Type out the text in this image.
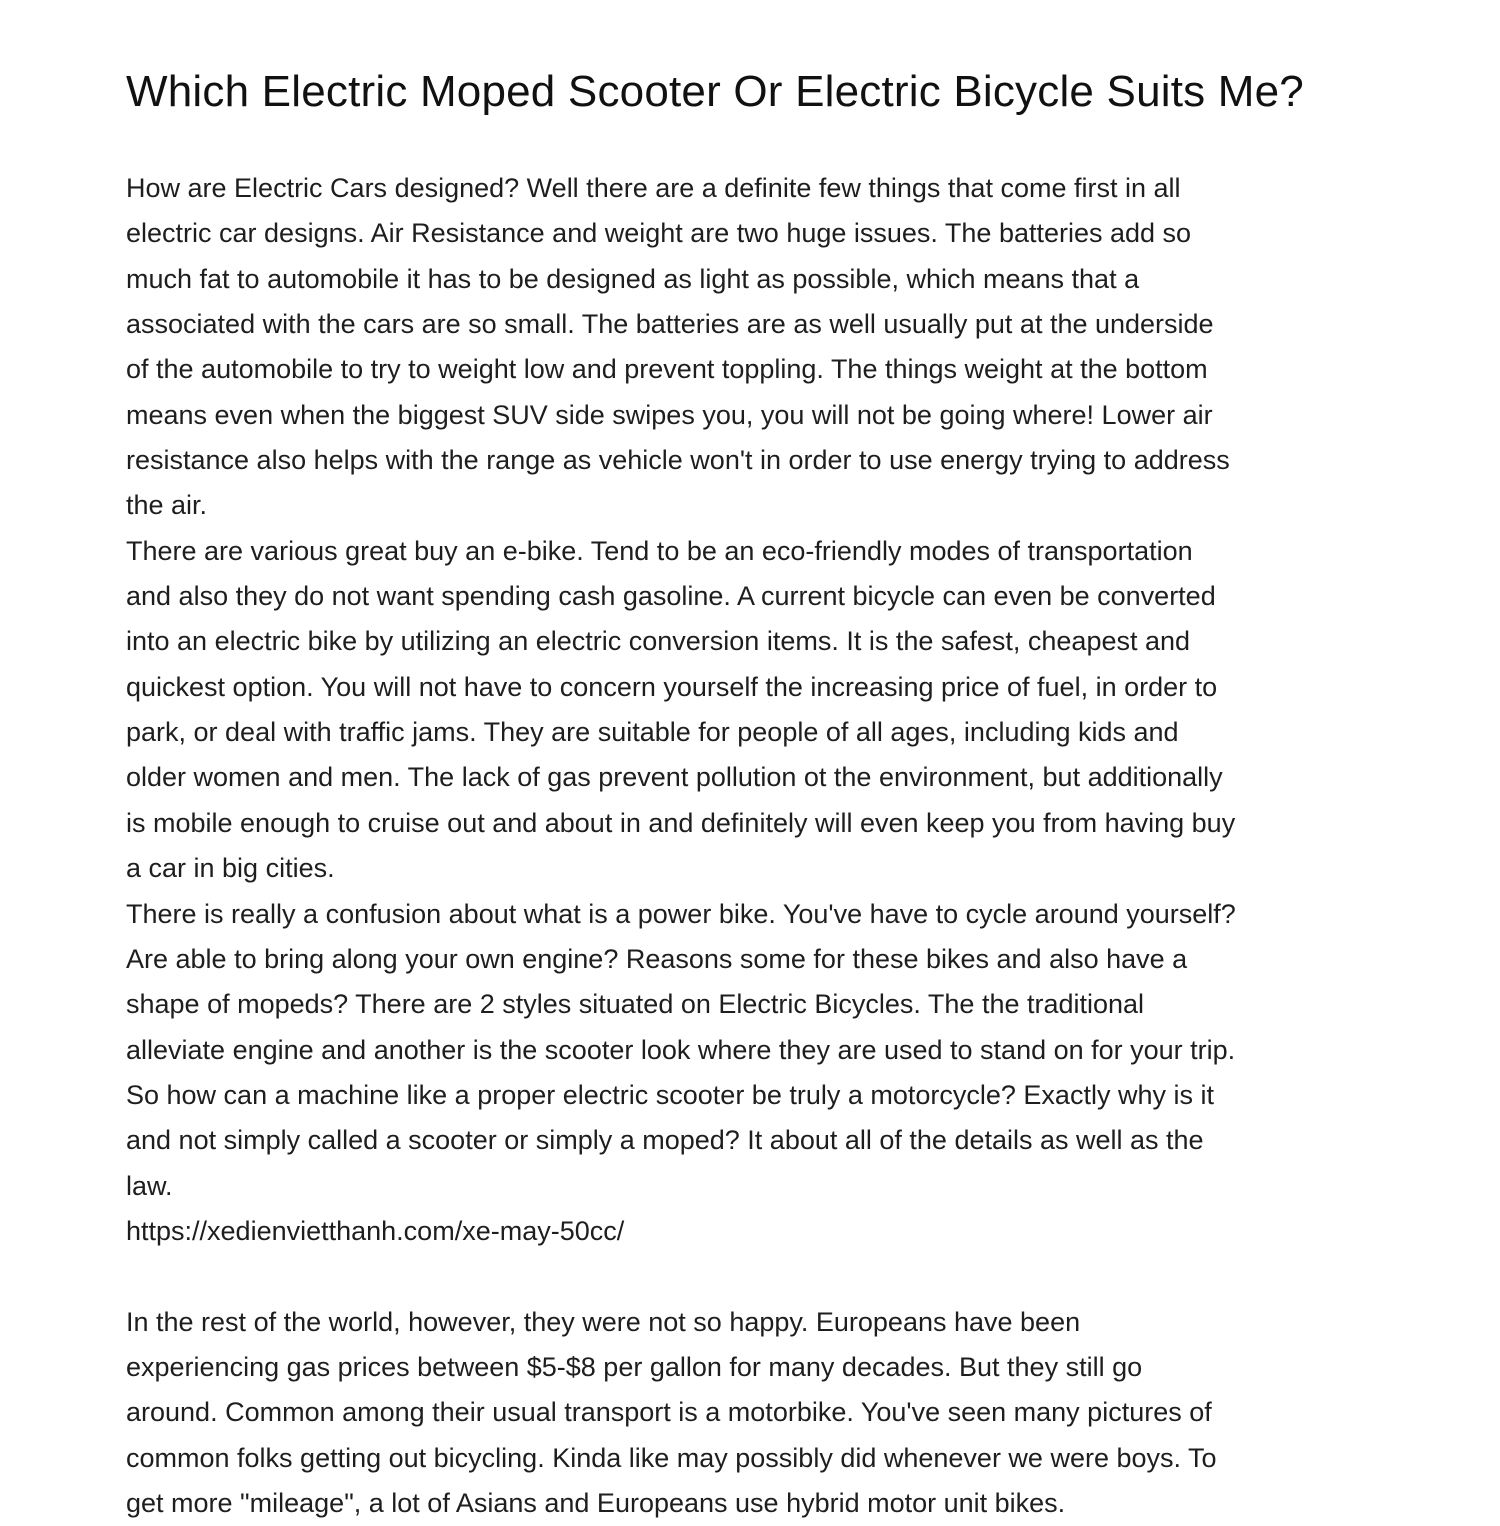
Which Electric Moped Scooter Or Electric Bicycle Suits Me?

How are Electric Cars designed? Well there are a definite few things that come first in all
electric car designs. Air Resistance and weight are two huge issues. The batteries add so
much fat to automobile it has to be designed as light as possible, which means that a
associated with the cars are so small. The batteries are as well usually put at the underside
of the automobile to try to weight low and prevent toppling. The things weight at the bottom
means even when the biggest SUV side swipes you, you will not be going where! Lower air
resistance also helps with the range as vehicle won't in order to use energy trying to address
the air.

There are various great buy an e-bike. Tend to be an eco-friendly modes of transportation
and also they do not want spending cash gasoline. A current bicycle can even be converted
into an electric bike by utilizing an electric conversion items. It is the safest, cheapest and
quickest option. You will not have to concern yourself the increasing price of fuel, in order to
park, or deal with traffic jams. They are suitable for people of all ages, including kids and
older women and men. The lack of gas prevent pollution ot the environment, but additionally
is mobile enough to cruise out and about in and definitely will even keep you from having buy
a car in big cities.

There is really a confusion about what is a power bike. You've have to cycle around yourself?
Are able to bring along your own engine? Reasons some for these bikes and also have a
shape of mopeds? There are 2 styles situated on Electric Bicycles. The the traditional
alleviate engine and another is the scooter look where they are used to stand on for your trip.
So how can a machine like a proper electric scooter be truly a motorcycle? Exactly why is it
and not simply called a scooter or simply a moped? It about all of the details as well as the
law.

https://xedienvietthanh.com/xe-may-50cc/

In the rest of the world, however, they were not so happy. Europeans have been
experiencing gas prices between $5-$8 per gallon for many decades. But they still go
around. Common among their usual transport is a motorbike. You've seen many pictures of
common folks getting out bicycling. Kinda like may possibly did whenever we were boys. To
get more "mileage", a lot of Asians and Europeans use hybrid motor unit bikes.
